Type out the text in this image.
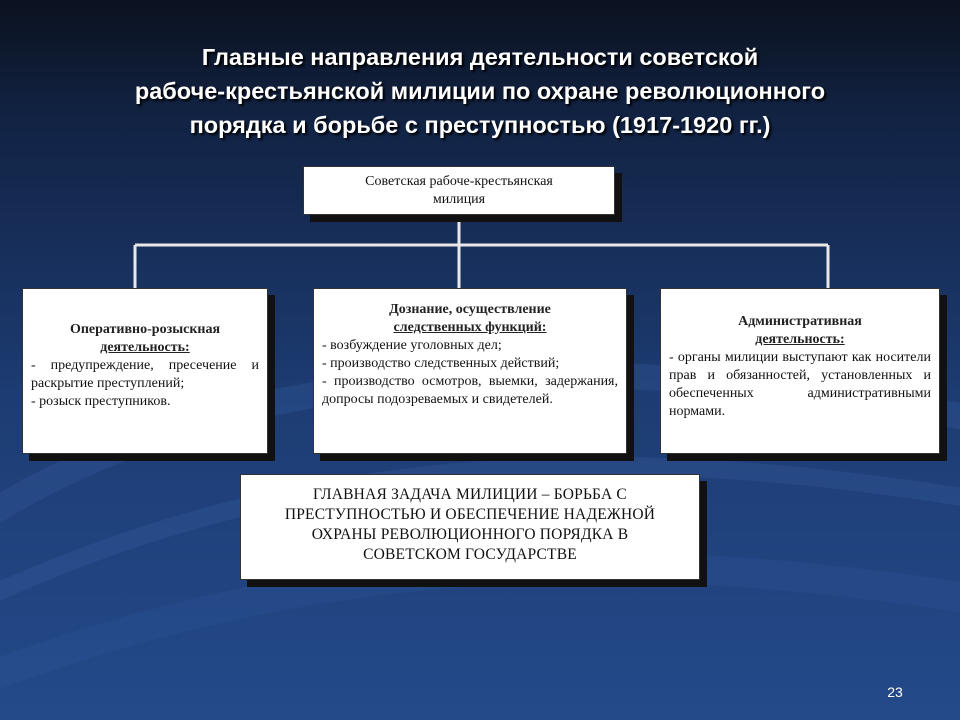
Главные направления деятельности советской
рабоче-крестьянской милиции по охране революционного
порядка и борьбе с преступностью (1917-1920 гг.)
Советская рабоче-крестьянская
милиция
Оперативно-розыскная
деятельность:
- предупреждение, пресечение и раскрытие преступлений;
- розыск преступников.
Дознание, осуществление
следственных функций:
- возбуждение уголовных дел;
- производство следственных действий;
- производство осмотров, выемки, задержания, допросы подозреваемых и свидетелей.
Административная
деятельность:
- органы милиции выступают как носители прав и обязанностей, установленных и обеспеченных административными нормами.
ГЛАВНАЯ ЗАДАЧА МИЛИЦИИ – БОРЬБА С
ПРЕСТУПНОСТЬЮ И ОБЕСПЕЧЕНИЕ НАДЕЖНОЙ
ОХРАНЫ РЕВОЛЮЦИОННОГО ПОРЯДКА В
СОВЕТСКОМ ГОСУДАРСТВЕ
23
